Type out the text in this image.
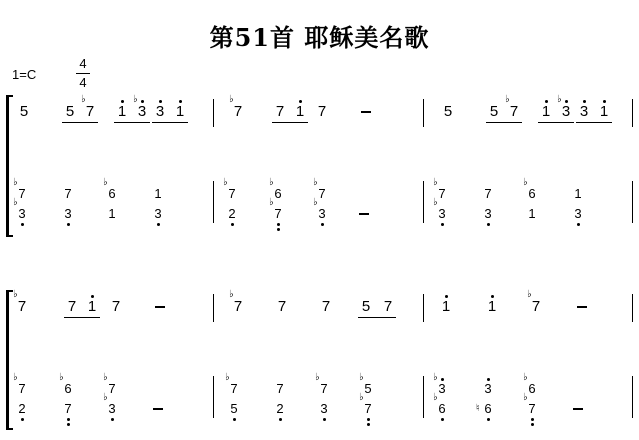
第51首 耶稣美名歌
1=C
4
4
5	5 7
♭
1 3
♭
3 1	7
♭
7 1 7	5	5 7
♭
1 3
♭
3 1
7
♭
3
♭
7
3
6
♭
1
1
3
7
♭
2
6
♭
7
♭
7
♭
3
♭
7
♭
3
♭
7
3
6
♭
1
1
3
7
♭
7 1	7	7
♭
7	7	5 7	1	1	7
♭
7
♭
2
6
♭
7
7
♭
3
♭
7
♭
5
7
2
7
♭
3
5
♭
7
♭
3
♭
6
♭
3
6
♮
6
♭
7
♭
